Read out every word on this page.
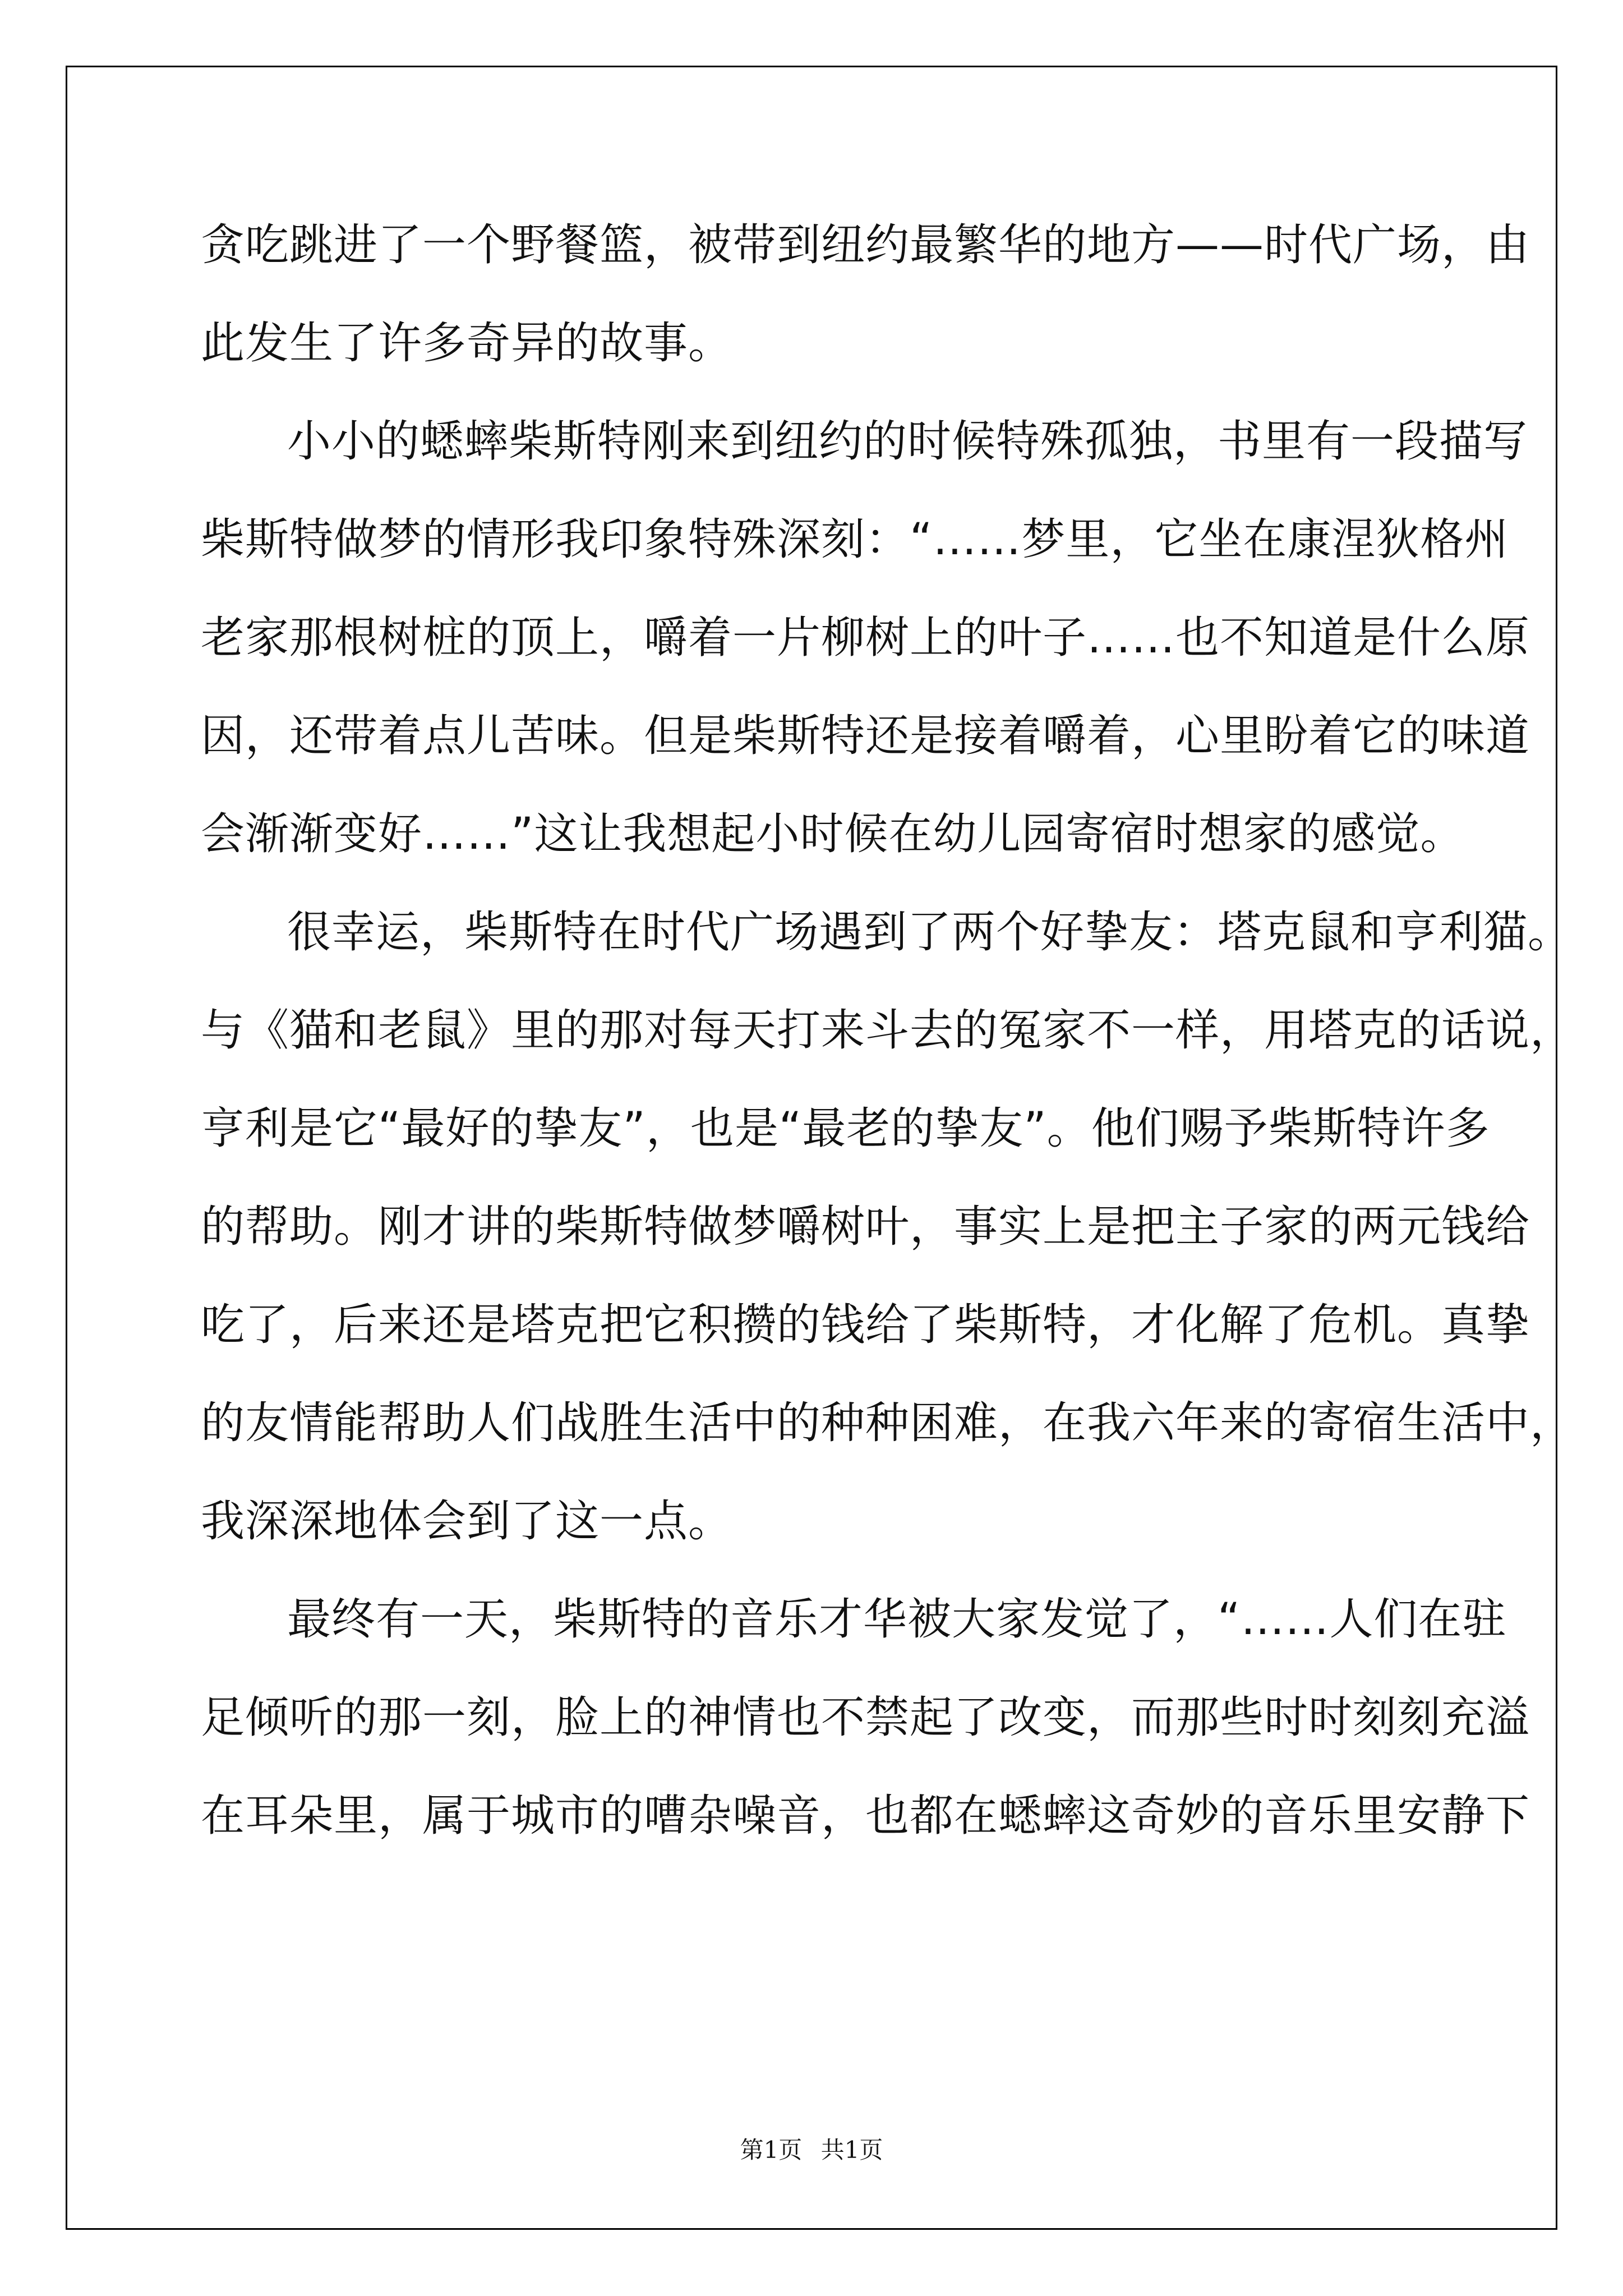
贪吃跳进了一个野餐篮，被带到纽约最繁华的地方——时代广场，由
此发生了许多奇异的故事。
小小的蟋蟀柴斯特刚来到纽约的时候特殊孤独，书里有一段描写
柴斯特做梦的情形我印象特殊深刻：“……梦里，它坐在康涅狄格州
老家那根树桩的顶上，嚼着一片柳树上的叶子……也不知道是什么原
因，还带着点儿苦味。但是柴斯特还是接着嚼着，心里盼着它的味道
会渐渐变好……”这让我想起小时候在幼儿园寄宿时想家的感觉。
很幸运，柴斯特在时代广场遇到了两个好挚友：塔克鼠和亨利猫。
与《猫和老鼠》里的那对每天打来斗去的冤家不一样，用塔克的话说，
亨利是它“最好的挚友”，也是“最老的挚友”。他们赐予柴斯特许多
的帮助。刚才讲的柴斯特做梦嚼树叶，事实上是把主子家的两元钱给
吃了，后来还是塔克把它积攒的钱给了柴斯特，才化解了危机。真挚
的友情能帮助人们战胜生活中的种种困难，在我六年来的寄宿生活中，
我深深地体会到了这一点。
最终有一天，柴斯特的音乐才华被大家发觉了，“……人们在驻
足倾听的那一刻，脸上的神情也不禁起了改变，而那些时时刻刻充溢
在耳朵里，属于城市的嘈杂噪音，也都在蟋蟀这奇妙的音乐里安静下
第1页 共1页
